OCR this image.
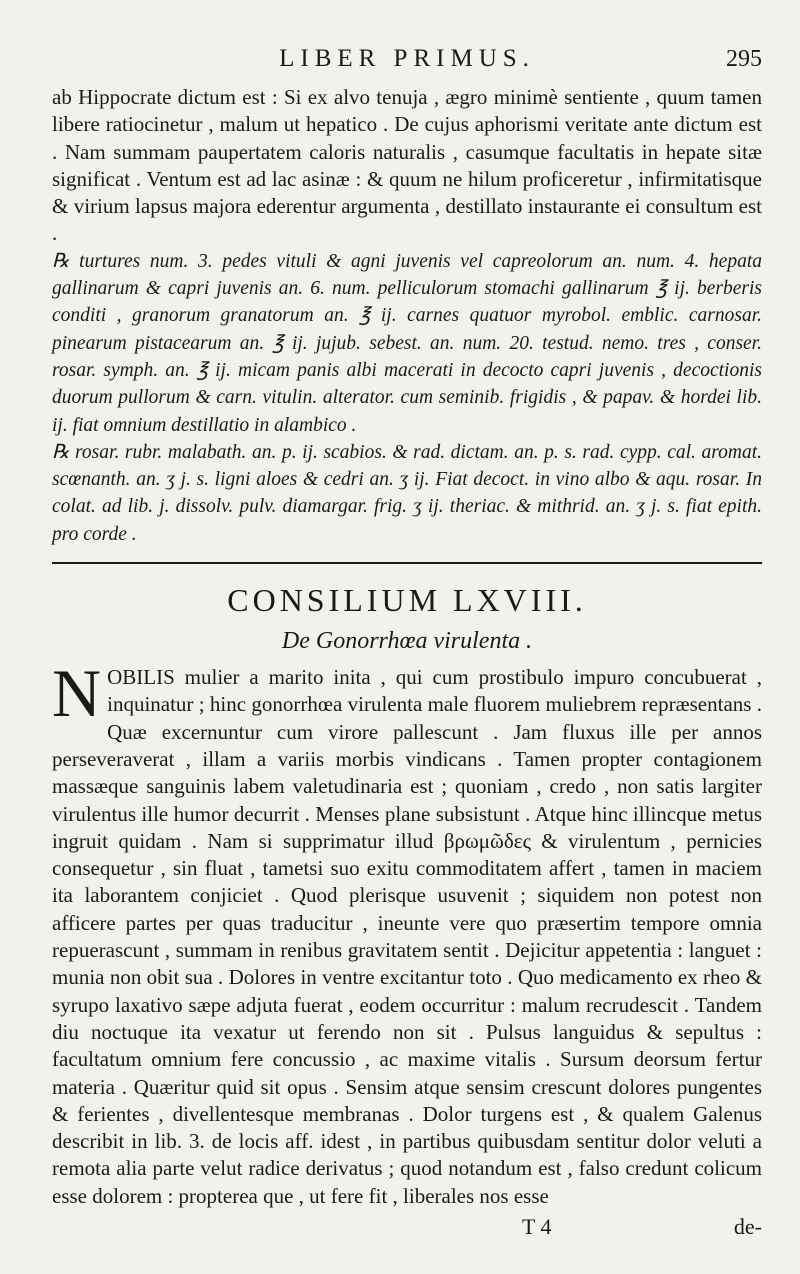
LIBER PRIMUS.	295

ab Hippocrate dictum est : Si ex alvo tenuja , ægro minimè sentiente , quum tamen libere ratiocinetur , malum ut hepatico . De cujus aphorismi veritate ante dictum est . Nam summam paupertatem caloris naturalis , casumque facultatis in hepate sitæ significat . Ventum est ad lac asinæ : & quum ne hilum proficeretur , infirmitatisque & virium lapsus majora ederentur argumenta , destillato instaurante ei consultum est .

℞ turtures num. 3. pedes vituli & agni juvenis vel capreolorum an. num. 4. hepata gallinarum & capri juvenis an. 6. num. pelliculorum stomachi gallinarum ℥ ij. berberis conditi , granorum granatorum an. ℥ ij. carnes quatuor myrobol. emblic. carnosar. pinearum pistacearum an. ℥ ij. jujub. sebest. an. num. 20. testud. nemo. tres , conser. rosar. symph. an. ℥ ij. micam panis albi macerati in decocto capri juvenis , decoctionis duorum pullorum & carn. vitulin. alterator. cum seminib. frigidis , & papav. & hordei lib. ij. fiat omnium destillatio in alambico .

℞ rosar. rubr. malabath. an. p. ij. scabios. & rad. dictam. an. p. s. rad. cypp. cal. aromat. scœnanth. an. ʒ j. s. ligni aloes & cedri an. ʒ ij. Fiat decoct. in vino albo & aqu. rosar. In colat. ad lib. j. dissolv. pulv. diamargar. frig. ʒ ij. theriac. & mithrid. an. ʒ j. s. fiat epith. pro corde .

CONSILIUM LXVIII.
De Gonorrhœa virulenta .

NOBILIS mulier a marito inita , qui cum prostibulo impuro concubuerat , inquinatur ; hinc gonorrhœa virulenta male fluorem muliebrem repræsentans . Quæ excernuntur cum virore pallescunt . Jam fluxus ille per annos perseveraverat , illam a variis morbis vindicans . Tamen propter contagionem massæque sanguinis labem valetudinaria est ; quoniam , credo , non satis largiter virulentus ille humor decurrit . Menses plane subsistunt . Atque hinc illincque metus ingruit quidam . Nam si supprimatur illud βρωμῶδες & virulentum , pernicies consequetur , sin fluat , tametsi suo exitu commoditatem affert , tamen in maciem ita laborantem conjiciet . Quod plerisque usuvenit ; siquidem non potest non afficere partes per quas traducitur , ineunte vere quo præsertim tempore omnia repuerascunt , summam in renibus gravitatem sentit . Dejicitur appetentia : languet : munia non obit sua . Dolores in ventre excitantur toto . Quo medicamento ex rheo & syrupo laxativo sæpe adjuta fuerat , eodem occurritur : malum recrudescit . Tandem diu noctuque ita vexatur ut ferendo non sit . Pulsus languidus & sepultus : facultatum omnium fere concussio , ac maxime vitalis . Sursum deorsum fertur materia . Quæritur quid sit opus . Sensim atque sensim crescunt dolores pungentes & ferientes , divellentesque membranas . Dolor turgens est , & qualem Galenus describit in lib. 3. de locis aff. idest , in partibus quibusdam sentitur dolor veluti a remota alia parte velut radice derivatus ; quod notandum est , falso credunt colicum esse dolorem : propterea que , ut fere fit , liberales nos esse

T 4	de-
